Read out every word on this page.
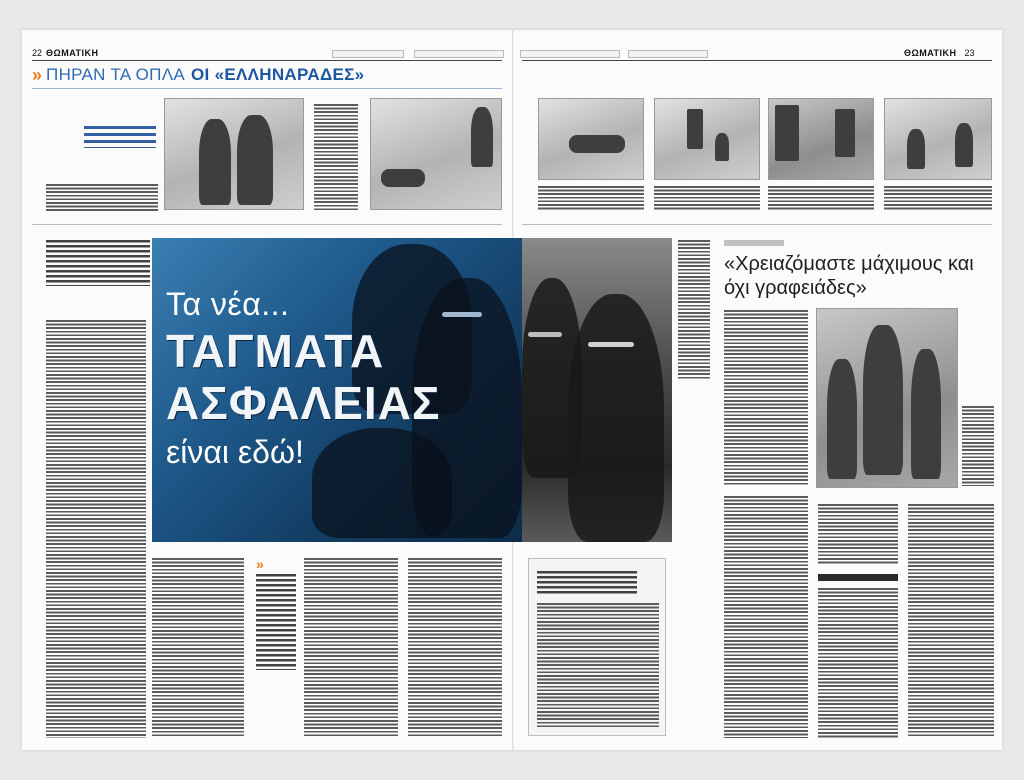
22 ΘΩΜΑΤΙΚΗ	ΘΩΜΑΤΙΚΗ 23
» ΠΗΡΑΝ ΤΑ ΟΠΛΑ ΟΙ «ΕΛΛΗΝΑΡΑΔΕΣ»
Τα νέα...
ΤΑΓΜΑΤΑ
ΑΣΦΑΛΕΙΑΣ
είναι εδώ!
»
«Χρειαζόμαστε μάχιμους και όχι γραφειάδες»
